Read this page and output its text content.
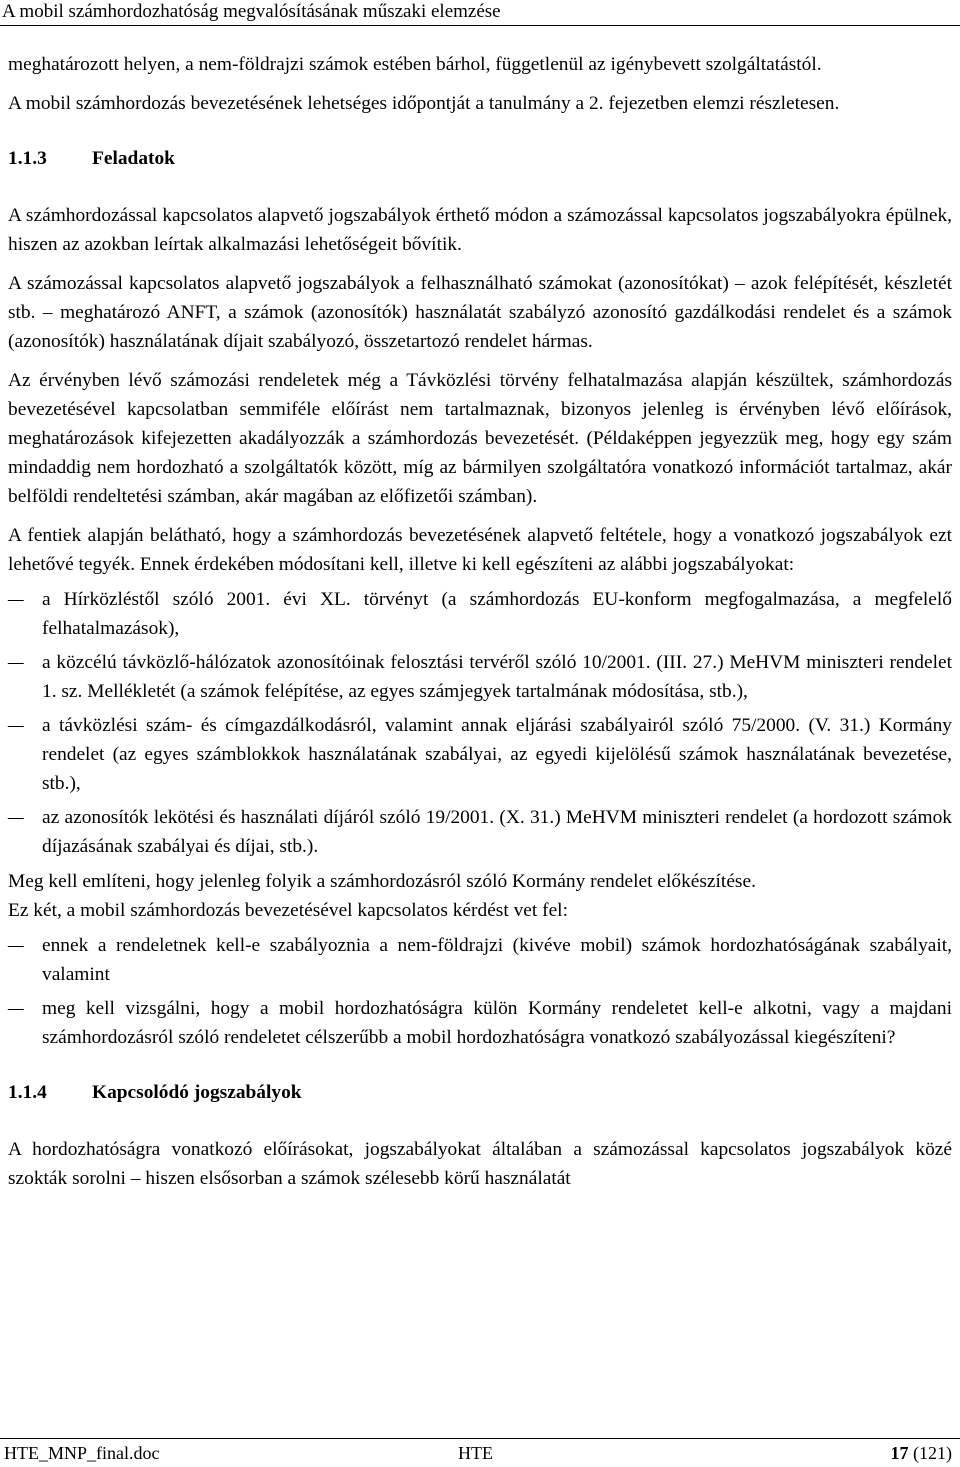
A mobil számhordozhatóság megvalósításának műszaki elemzése

meghatározott helyen, a nem-földrajzi számok estében bárhol, függetlenül az igénybevett szolgáltatástól.

A mobil számhordozás bevezetésének lehetséges időpontját a tanulmány a 2. fejezetben elemzi részletesen.

1.1.3 Feladatok

A számhordozással kapcsolatos alapvető jogszabályok érthető módon a számozással kapcsolatos jogszabályokra épülnek, hiszen az azokban leírtak alkalmazási lehetőségeit bővítik.

A számozással kapcsolatos alapvető jogszabályok a felhasználható számokat (azonosítókat) – azok felépítését, készletét stb. – meghatározó ANFT, a számok (azonosítók) használatát szabályzó azonosító gazdálkodási rendelet és a számok (azonosítók) használatának díjait szabályozó, összetartozó rendelet hármas.

Az érvényben lévő számozási rendeletek még a Távközlési törvény felhatalmazása alapján készültek, számhordozás bevezetésével kapcsolatban semmiféle előírást nem tartalmaznak, bizonyos jelenleg is érvényben lévő előírások, meghatározások kifejezetten akadályozzák a számhordozás bevezetését. (Példaképpen jegyezzük meg, hogy egy szám mindaddig nem hordozható a szolgáltatók között, míg az bármilyen szolgáltatóra vonatkozó információt tartalmaz, akár belföldi rendeltetési számban, akár magában az előfizetői számban).

A fentiek alapján belátható, hogy a számhordozás bevezetésének alapvető feltétele, hogy a vonatkozó jogszabályok ezt lehetővé tegyék. Ennek érdekében módosítani kell, illetve ki kell egészíteni az alábbi jogszabályokat:

– a Hírközléstől szóló 2001. évi XL. törvényt (a számhordozás EU-konform megfogalmazása, a megfelelő felhatalmazások),
– a közcélú távközlő-hálózatok azonosítóinak felosztási tervéről szóló 10/2001. (III. 27.) MeHVM miniszteri rendelet 1. sz. Mellékletét (a számok felépítése, az egyes számjegyek tartalmának módosítása, stb.),
– a távközlési szám- és címgazdálkodásról, valamint annak eljárási szabályairól szóló 75/2000. (V. 31.) Kormány rendelet (az egyes számblokkok használatának szabályai, az egyedi kijelölésű számok használatának bevezetése, stb.),
– az azonosítók lekötési és használati díjáról szóló 19/2001. (X. 31.) MeHVM miniszteri rendelet (a hordozott számok díjazásának szabályai és díjai, stb.).

Meg kell említeni, hogy jelenleg folyik a számhordozásról szóló Kormány rendelet előkészítése.

Ez két, a mobil számhordozás bevezetésével kapcsolatos kérdést vet fel:

– ennek a rendeletnek kell-e szabályoznia a nem-földrajzi (kivéve mobil) számok hordozhatóságának szabályait, valamint
– meg kell vizsgálni, hogy a mobil hordozhatóságra külön Kormány rendeletet kell-e alkotni, vagy a majdani számhordozásról szóló rendeletet célszerűbb a mobil hordozhatóságra vonatkozó szabályozással kiegészíteni?
1.1.4 Kapcsolódó jogszabályok

A hordozhatóságra vonatkozó előírásokat, jogszabályokat általában a számozással kapcsolatos jogszabályok közé szokták sorolni – hiszen elsősorban a számok szélesebb körű használatát

HTE_MNP_final.doc	HTE	17 (121)
